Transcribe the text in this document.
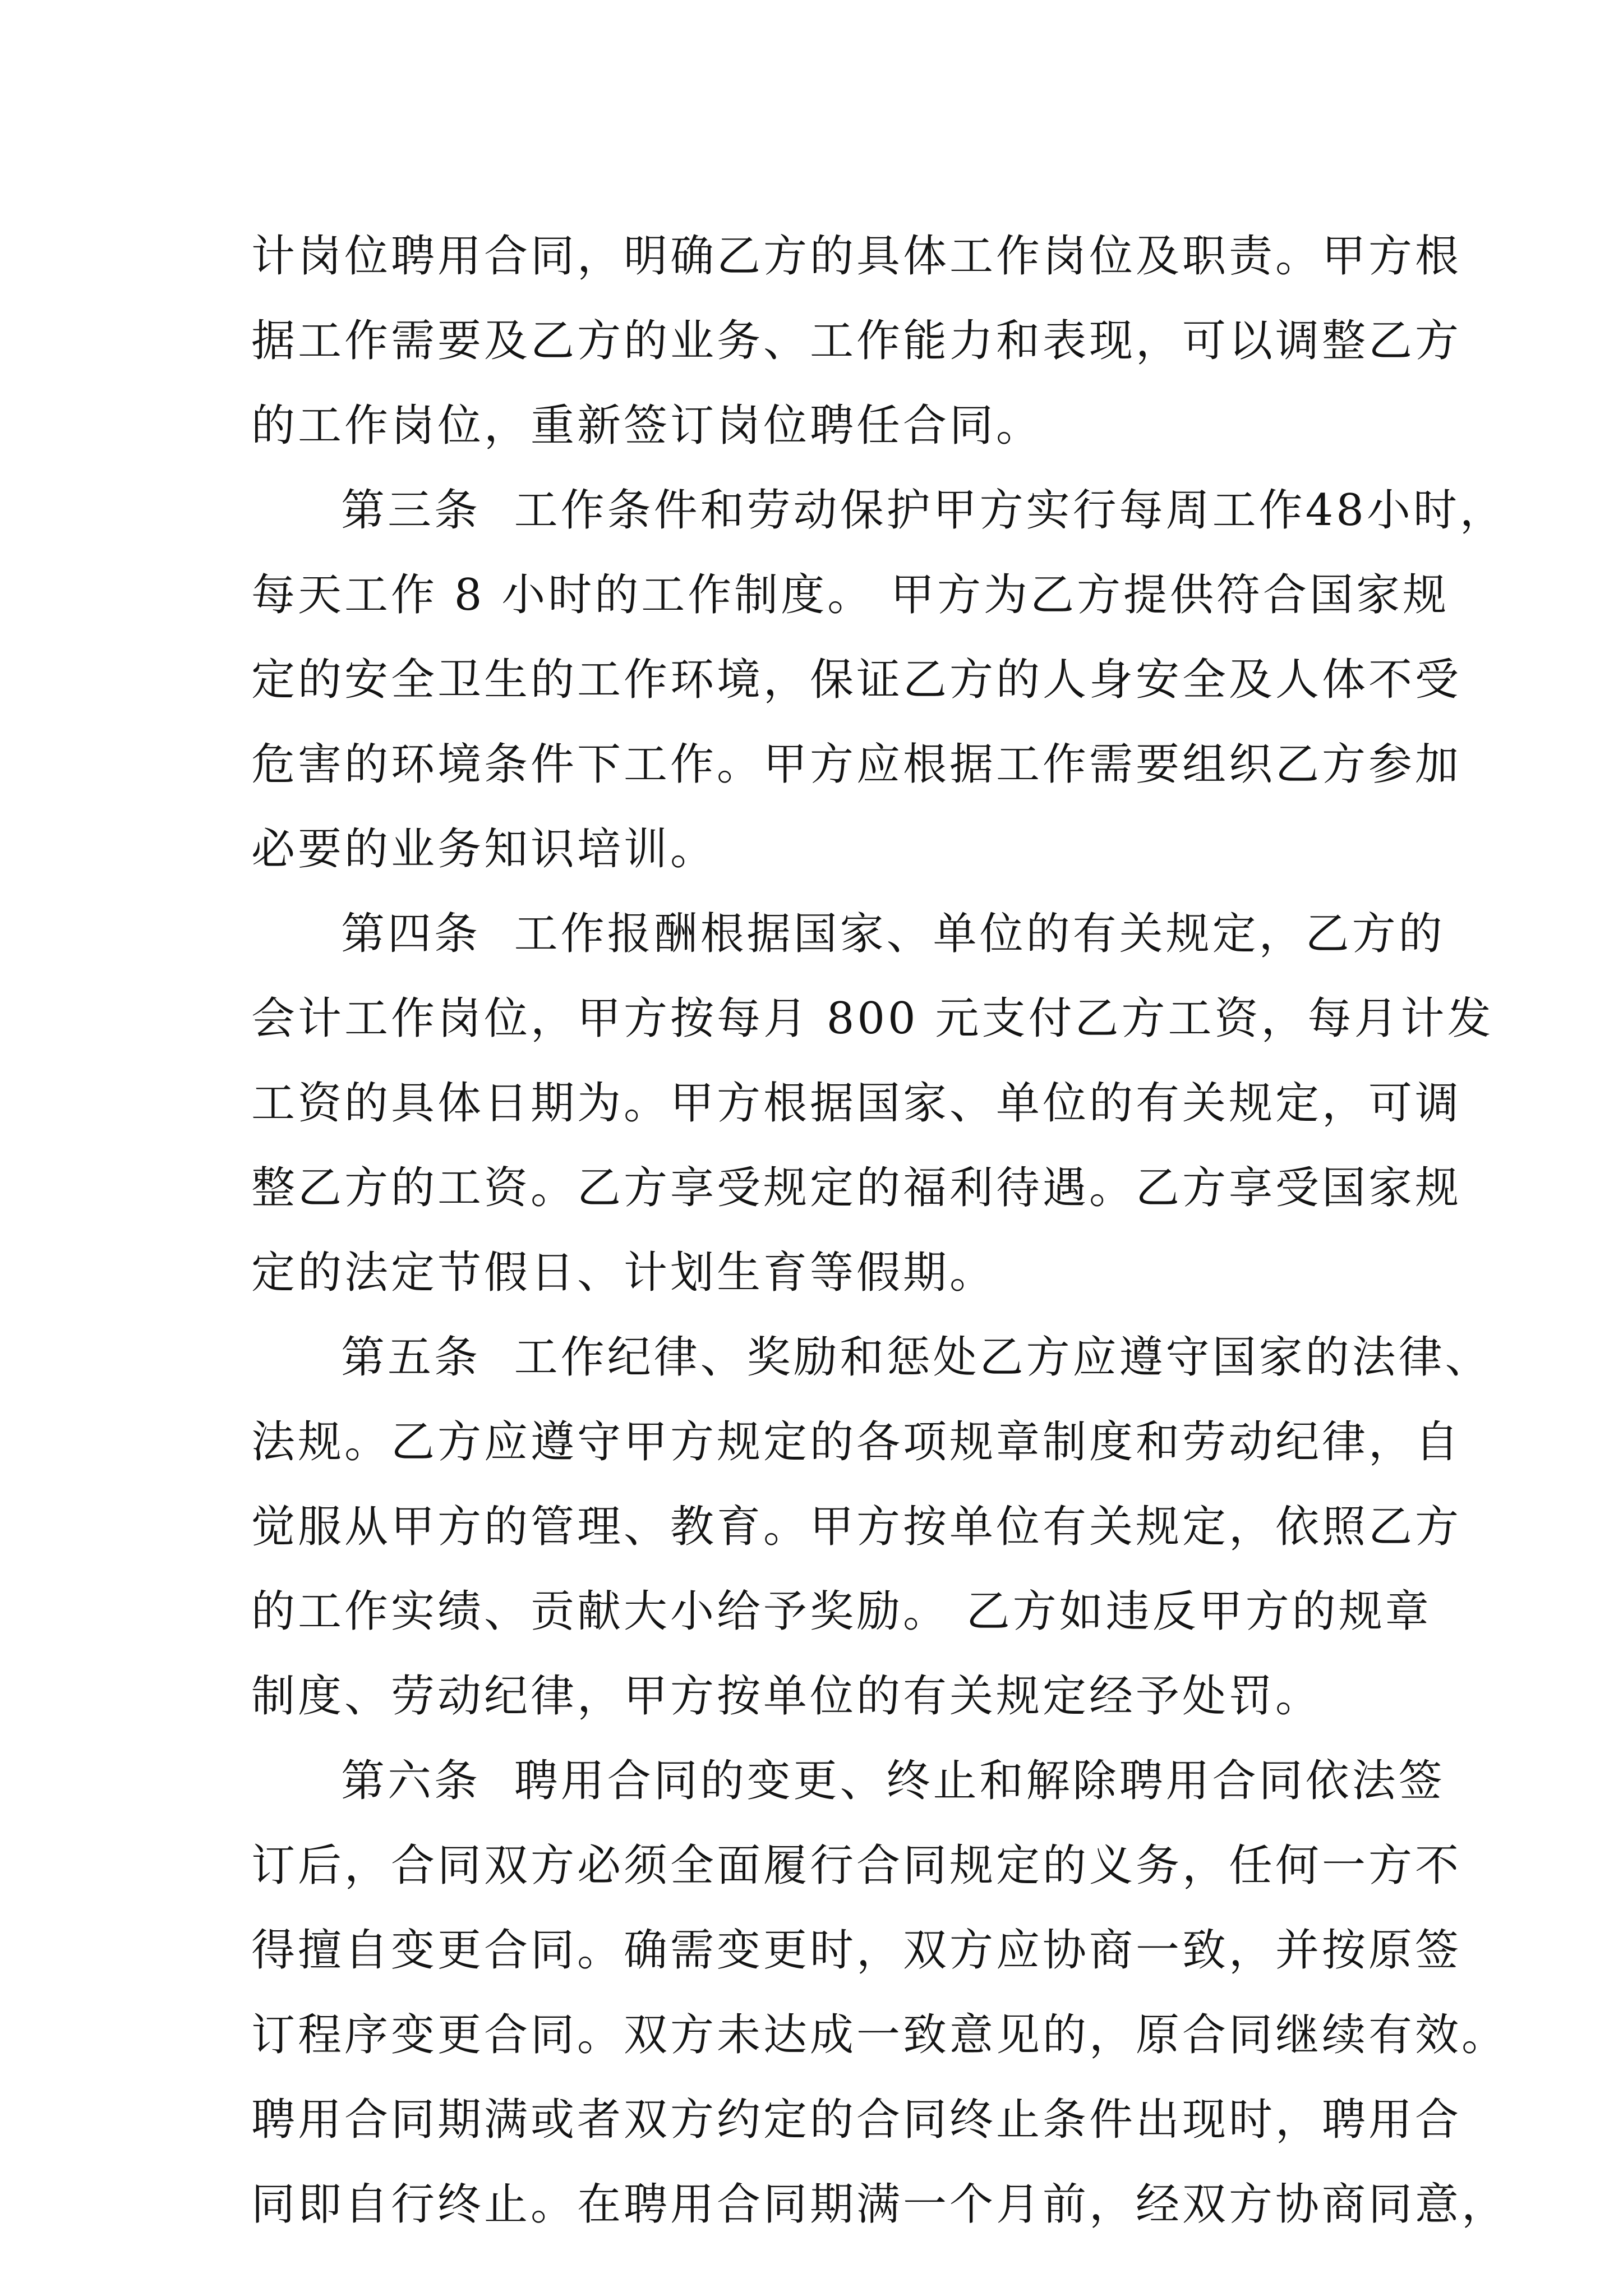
计岗位聘用合同，明确乙方的具体工作岗位及职责。甲方根
据工作需要及乙方的业务、工作能力和表现，可以调整乙方
的工作岗位，重新签订岗位聘任合同。
第三条  工作条件和劳动保护甲方实行每周工作48小时，
每天工作 8 小时的工作制度。 甲方为乙方提供符合国家规
定的安全卫生的工作环境，保证乙方的人身安全及人体不受
危害的环境条件下工作。甲方应根据工作需要组织乙方参加
必要的业务知识培训。
第四条  工作报酬根据国家、单位的有关规定，乙方的
会计工作岗位，甲方按每月 800 元支付乙方工资，每月计发
工资的具体日期为。甲方根据国家、单位的有关规定，可调
整乙方的工资。乙方享受规定的福利待遇。乙方享受国家规
定的法定节假日、计划生育等假期。
第五条  工作纪律、奖励和惩处乙方应遵守国家的法律、
法规。乙方应遵守甲方规定的各项规章制度和劳动纪律，自
觉服从甲方的管理、教育。甲方按单位有关规定，依照乙方
的工作实绩、贡献大小给予奖励。 乙方如违反甲方的规章
制度、劳动纪律，甲方按单位的有关规定经予处罚。
第六条  聘用合同的变更、终止和解除聘用合同依法签
订后，合同双方必须全面履行合同规定的义务，任何一方不
得擅自变更合同。确需变更时，双方应协商一致，并按原签
订程序变更合同。双方未达成一致意见的，原合同继续有效。
聘用合同期满或者双方约定的合同终止条件出现时，聘用合
同即自行终止。在聘用合同期满一个月前，经双方协商同意，
